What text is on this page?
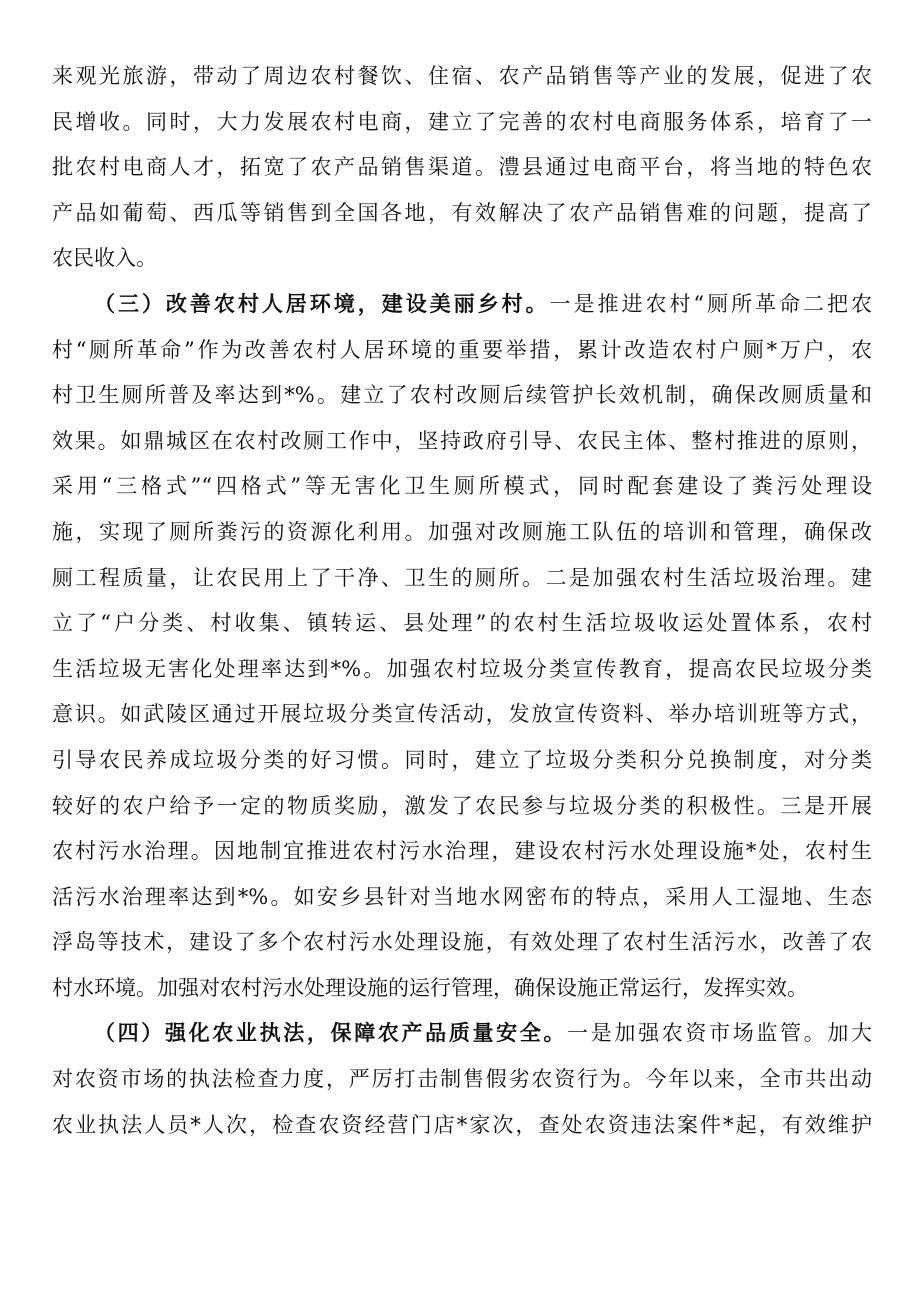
来观光旅游，带动了周边农村餐饮、住宿、农产品销售等产业的发展，促进了农
民增收。同时，大力发展农村电商，建立了完善的农村电商服务体系，培育了一
批农村电商人才，拓宽了农产品销售渠道。澧县通过电商平台，将当地的特色农
产品如葡萄、西瓜等销售到全国各地，有效解决了农产品销售难的问题，提高了
农民收入。
（三）改善农村人居环境，建设美丽乡村。一是推进农村“厕所革命二把农
村“厕所革命”作为改善农村人居环境的重要举措，累计改造农村户厕*万户，农
村卫生厕所普及率达到*%。建立了农村改厕后续管护长效机制，确保改厕质量和
效果。如鼎城区在农村改厕工作中，坚持政府引导、农民主体、整村推进的原则，
采用“三格式”“四格式”等无害化卫生厕所模式，同时配套建设了粪污处理设
施，实现了厕所粪污的资源化利用。加强对改厕施工队伍的培训和管理，确保改
厕工程质量，让农民用上了干净、卫生的厕所。二是加强农村生活垃圾治理。建
立了“户分类、村收集、镇转运、县处理”的农村生活垃圾收运处置体系，农村
生活垃圾无害化处理率达到*%。加强农村垃圾分类宣传教育，提高农民垃圾分类
意识。如武陵区通过开展垃圾分类宣传活动，发放宣传资料、举办培训班等方式，
引导农民养成垃圾分类的好习惯。同时，建立了垃圾分类积分兑换制度，对分类
较好的农户给予一定的物质奖励，激发了农民参与垃圾分类的积极性。三是开展
农村污水治理。因地制宜推进农村污水治理，建设农村污水处理设施*处，农村生
活污水治理率达到*%。如安乡县针对当地水网密布的特点，采用人工湿地、生态
浮岛等技术，建设了多个农村污水处理设施，有效处理了农村生活污水，改善了农
村水环境。加强对农村污水处理设施的运行管理，确保设施正常运行，发挥实效。
（四）强化农业执法，保障农产品质量安全。一是加强农资市场监管。加大
对农资市场的执法检查力度，严厉打击制售假劣农资行为。今年以来，全市共出动
农业执法人员*人次，检查农资经营门店*家次，查处农资违法案件*起，有效维护
